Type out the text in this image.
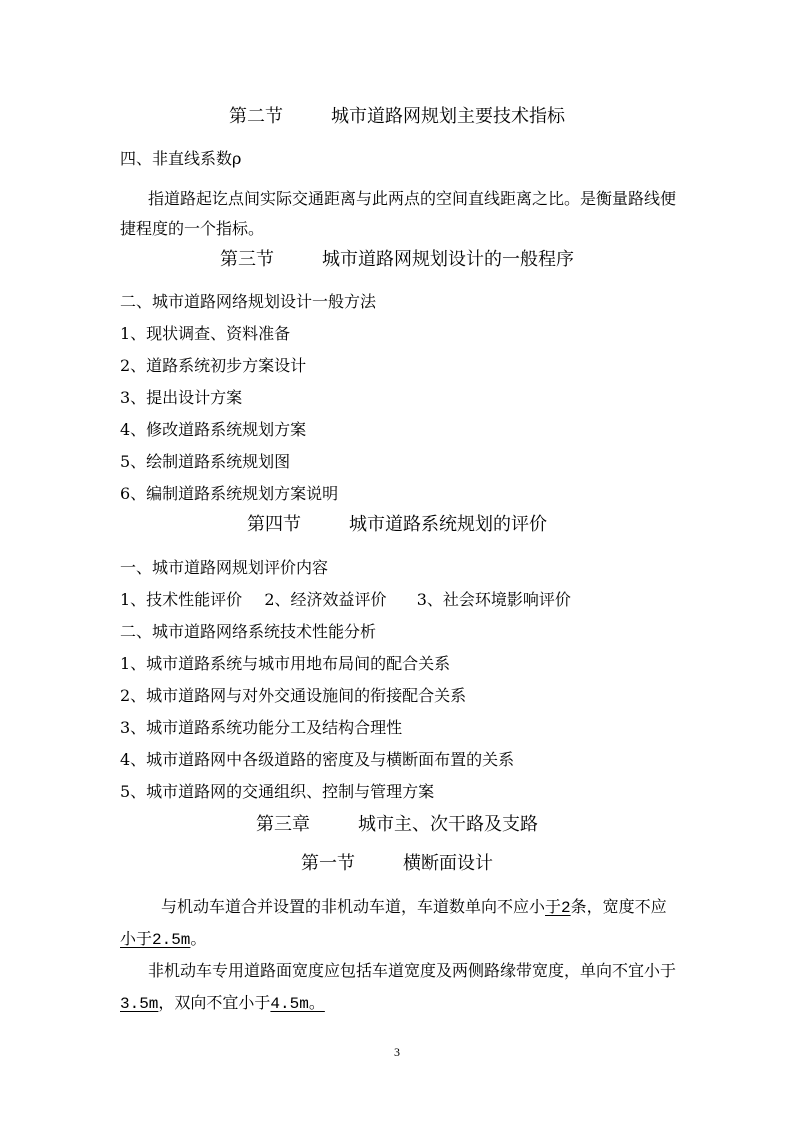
第二节	城市道路网规划主要技术指标
四、非直线系数ρ
指道路起讫点间实际交通距离与此两点的空间直线距离之比。是衡量路线便
捷程度的一个指标。
第三节	城市道路网规划设计的一般程序
二、城市道路网络规划设计一般方法
1、现状调查、资料准备
2、道路系统初步方案设计
3、提出设计方案
4、修改道路系统规划方案
5、绘制道路系统规划图
6、编制道路系统规划方案说明
第四节	城市道路系统规划的评价
一、城市道路网规划评价内容
1、技术性能评价 2、经济效益评价 3、社会环境影响评价
二、城市道路网络系统技术性能分析
1、城市道路系统与城市用地布局间的配合关系
2、城市道路网与对外交通设施间的衔接配合关系
3、城市道路系统功能分工及结构合理性
4、城市道路网中各级道路的密度及与横断面布置的关系
5、城市道路网的交通组织、控制与管理方案
第三章	城市主、次干路及支路
第一节	横断面设计
与机动车道合并设置的非机动车道，车道数单向不应小于2条，宽度不应
小于2.5m。
非机动车专用道路面宽度应包括车道宽度及两侧路缘带宽度，单向不宜小于
3.5m，双向不宜小于4.5m。
3
